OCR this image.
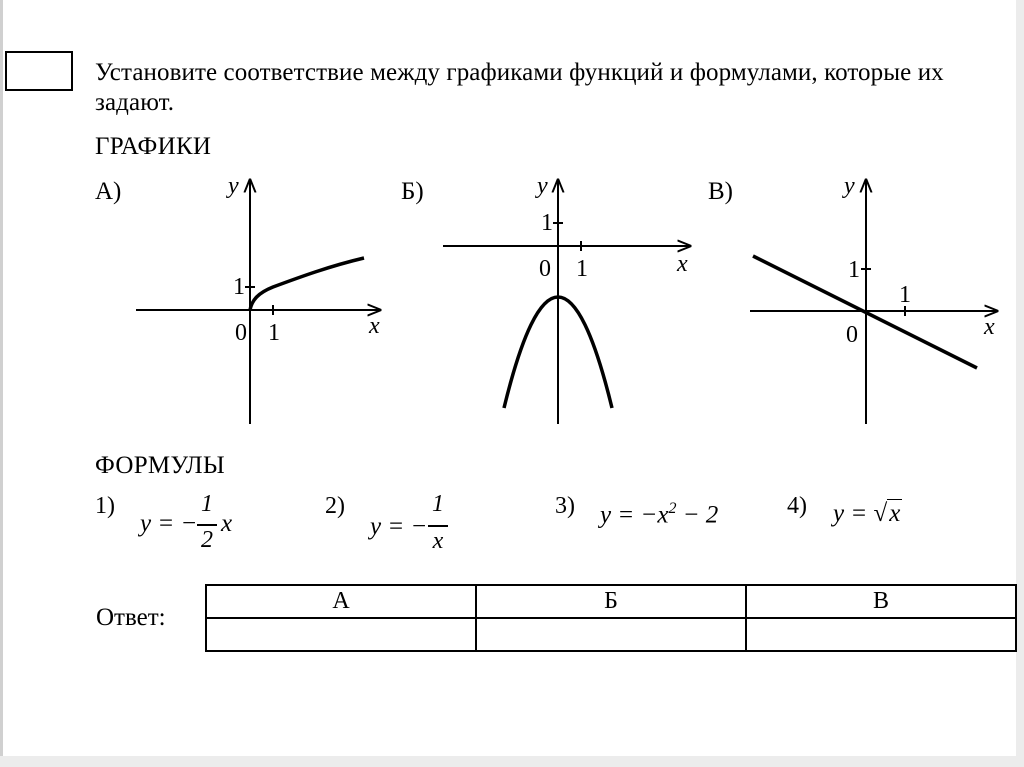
Установите соответствие между графиками функций и формулами, которые их задают.
ГРАФИКИ
А)
0 1
1
x
y	Б)
0 1
1
x
y	В)
0
1
1
x
y
ФОРМУЛЫ
1)
y = −
1
2
x
2)
y = −
1
x
3) $y = -x^2 - 2$	4) y = √x
Ответ:
А	Б	В
